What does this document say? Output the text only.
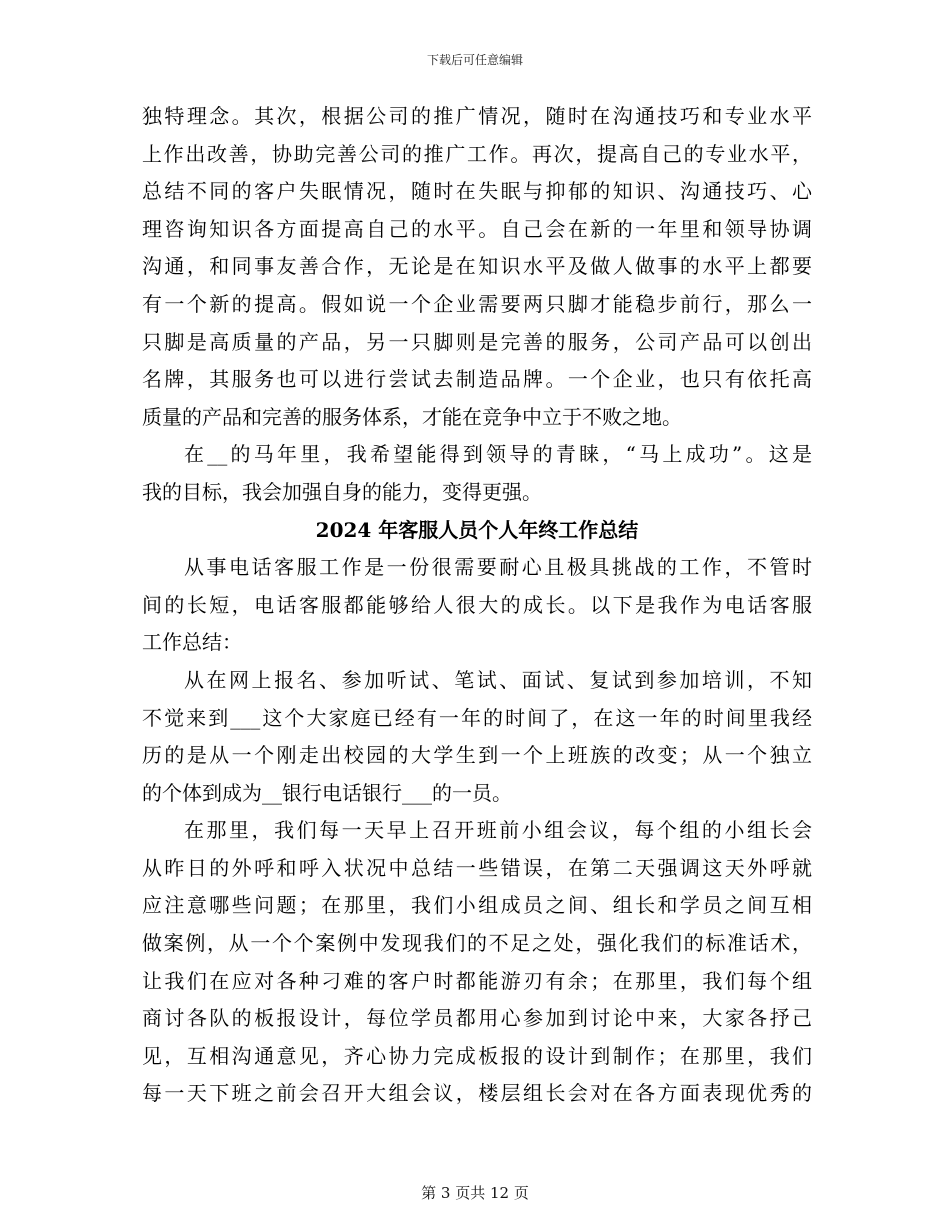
下载后可任意编辑
独特理念。其次，根据公司的推广情况，随时在沟通技巧和专业水平
上作出改善，协助完善公司的推广工作。再次，提高自己的专业水平，
总结不同的客户失眠情况，随时在失眠与抑郁的知识、沟通技巧、心
理咨询知识各方面提高自己的水平。自己会在新的一年里和领导协调
沟通，和同事友善合作，无论是在知识水平及做人做事的水平上都要
有一个新的提高。假如说一个企业需要两只脚才能稳步前行，那么一
只脚是高质量的产品，另一只脚则是完善的服务，公司产品可以创出
名牌，其服务也可以进行尝试去制造品牌。一个企业，也只有依托高
质量的产品和完善的服务体系，才能在竞争中立于不败之地。
在__的马年里，我希望能得到领导的青睐，“马上成功”。这是
我的目标，我会加强自身的能力，变得更强。
2024 年客服人员个人年终工作总结
从事电话客服工作是一份很需要耐心且极具挑战的工作，不管时
间的长短，电话客服都能够给人很大的成长。以下是我作为电话客服
工作总结：
从在网上报名、参加听试、笔试、面试、复试到参加培训，不知
不觉来到___这个大家庭已经有一年的时间了，在这一年的时间里我经
历的是从一个刚走出校园的大学生到一个上班族的改变；从一个独立
的个体到成为__银行电话银行___的一员。
在那里，我们每一天早上召开班前小组会议，每个组的小组长会
从昨日的外呼和呼入状况中总结一些错误，在第二天强调这天外呼就
应注意哪些问题；在那里，我们小组成员之间、组长和学员之间互相
做案例，从一个个案例中发现我们的不足之处，强化我们的标准话术，
让我们在应对各种刁难的客户时都能游刃有余；在那里，我们每个组
商讨各队的板报设计，每位学员都用心参加到讨论中来，大家各抒己
见，互相沟通意见，齐心协力完成板报的设计到制作；在那里，我们
每一天下班之前会召开大组会议，楼层组长会对在各方面表现优秀的
第 3 页共 12 页
